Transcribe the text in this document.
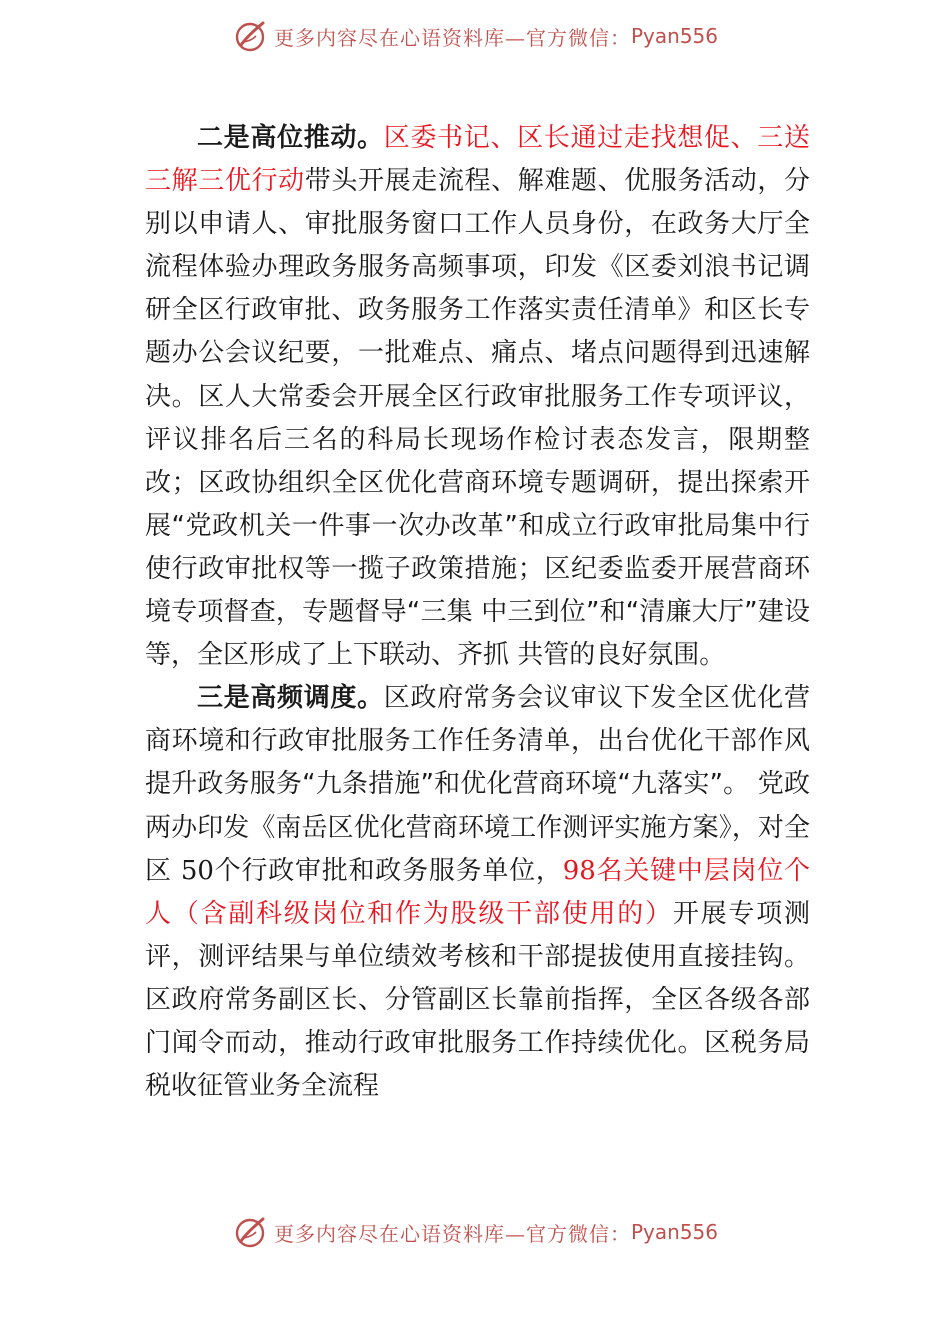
更多内容尽在心语资料库—官方微信： Pyan556

二是高位推动。区委书记、区长通过走找想促、三送三解三优行动带头开展走流程、解难题、优服务活动，分别以申请人、审批服务窗口工作人员身份，在政务大厅全流程体验办理政务服务高频事项，印发《区委刘浪书记调研全区行政审批、政务服务工作落实责任清单》和区长专题办公会议纪要，一批难点、痛点、堵点问题得到迅速解决。区人大常委会开展全区行政审批服务工作专项评议，评议排名后三名的科局长现场作检讨表态发言，限期整改；区政协组织全区优化营商环境专题调研，提出探索开展“党政机关一件事一次办改革”和成立行政审批局集中行使行政审批权等一揽子政策措施；区纪委监委开展营商环境专项督查，专题督导“三集 中三到位”和“清廉大厅”建设等，全区形成了上下联动、齐抓 共管的良好氛围。

三是高频调度。区政府常务会议审议下发全区优化营商环境和行政审批服务工作任务清单，出台优化干部作风提升政务服务“九条措施”和优化营商环境“九落实”。 党政两办印发《南岳区优化营商环境工作测评实施方案》，对全区 50个行政审批和政务服务单位，98名关键中层岗位个人（含副科级岗位和作为股级干部使用的）开展专项测评，测评结果与单位绩效考核和干部提拔使用直接挂钩。区政府常务副区长、分管副区长靠前指挥，全区各级各部门闻令而动，推动行政审批服务工作持续优化。区税务局税收征管业务全流程

更多内容尽在心语资料库—官方微信： Pyan556
